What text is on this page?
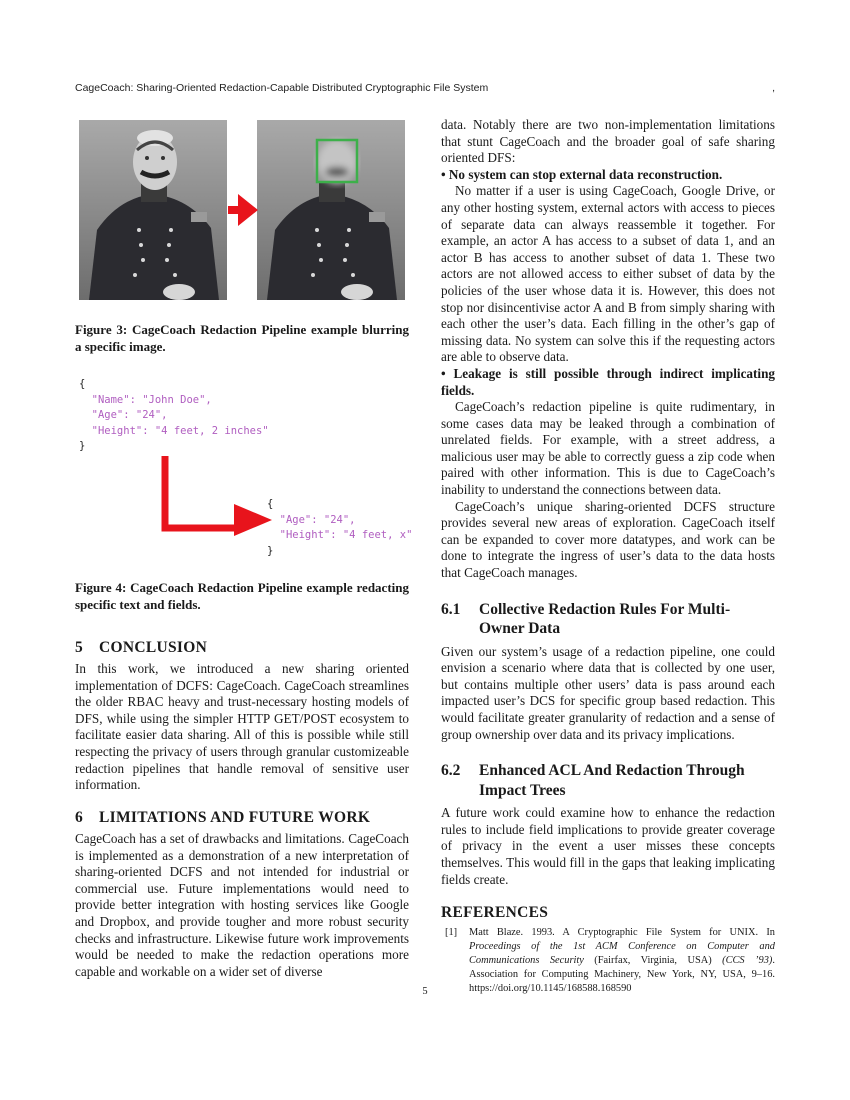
CageCoach: Sharing-Oriented Redaction-Capable Distributed Cryptographic File System	,
Figure 3: CageCoach Redaction Pipeline example blurring a specific image.
{
"Name": "John Doe",
"Age": "24",
"Height": "4 feet, 2 inches"
}
{
"Age": "24",
"Height": "4 feet, x"
}
Figure 4: CageCoach Redaction Pipeline example redacting specific text and fields.
5 CONCLUSION

In this work, we introduced a new sharing oriented implementation of DCFS: CageCoach. CageCoach streamlines the older RBAC heavy and trust-necessary hosting models of DFS, while using the simpler HTTP GET/POST ecosystem to facilitate easier data sharing. All of this is possible while still respecting the privacy of users through granular customizeable redaction pipelines that handle removal of sensitive user information.

6 LIMITATIONS AND FUTURE WORK

CageCoach has a set of drawbacks and limitations. CageCoach is implemented as a demonstration of a new interpretation of sharing-oriented DCFS and not intended for industrial or commercial use. Future implementations would need to provide better integration with hosting services like Google and Dropbox, and provide tougher and more robust security checks and infrastructure. Likewise future work improvements would be needed to make the redaction operations more capable and workable on a wider set of diverse

data. Notably there are two non-implementation limitations that stunt CageCoach and the broader goal of safe sharing oriented DFS:

• No system can stop external data reconstruction.

No matter if a user is using CageCoach, Google Drive, or any other hosting system, external actors with access to pieces of separate data can always reassemble it together. For example, an actor A has access to a subset of data 1, and an actor B has access to another subset of data 1. These two actors are not allowed access to either subset of data by the policies of the user whose data it is. However, this does not stop nor disincentivise actor A and B from simply sharing with each other the user’s data. Each filling in the other’s gap of missing data. No system can solve this if the requesting actors are able to observe data.

• Leakage is still possible through indirect implicating fields.

CageCoach’s redaction pipeline is quite rudimentary, in some cases data may be leaked through a combination of unrelated fields. For example, with a street address, a malicious user may be able to correctly guess a zip code when paired with other information. This is due to CageCoach’s inability to understand the connections between data.

CageCoach’s unique sharing-oriented DCFS structure provides several new areas of exploration. CageCoach itself can be expanded to cover more datatypes, and work can be done to integrate the ingress of user’s data to the data hosts that CageCoach manages.

6.1	Collective Redaction Rules For Multi-Owner Data

Given our system’s usage of a redaction pipeline, one could envision a scenario where data that is collected by one user, but contains multiple other users’ data is pass around each impacted user’s DCS for specific group based redaction. This would facilitate greater granularity of redaction and a sense of group ownership over data and its privacy implications.

6.2	Enhanced ACL And Redaction Through Impact Trees

A future work could examine how to enhance the redaction rules to include field implications to provide greater coverage of privacy in the event a user misses these concepts themselves. This would fill in the gaps that leaking implicating fields create.

REFERENCES
[1]	Matt Blaze. 1993. A Cryptographic File System for UNIX. In Proceedings of the 1st ACM Conference on Computer and Communications Security (Fairfax, Virginia, USA) (CCS ’93). Association for Computing Machinery, New York, NY, USA, 9–16. https://doi.org/10.1145/168588.168590
5
